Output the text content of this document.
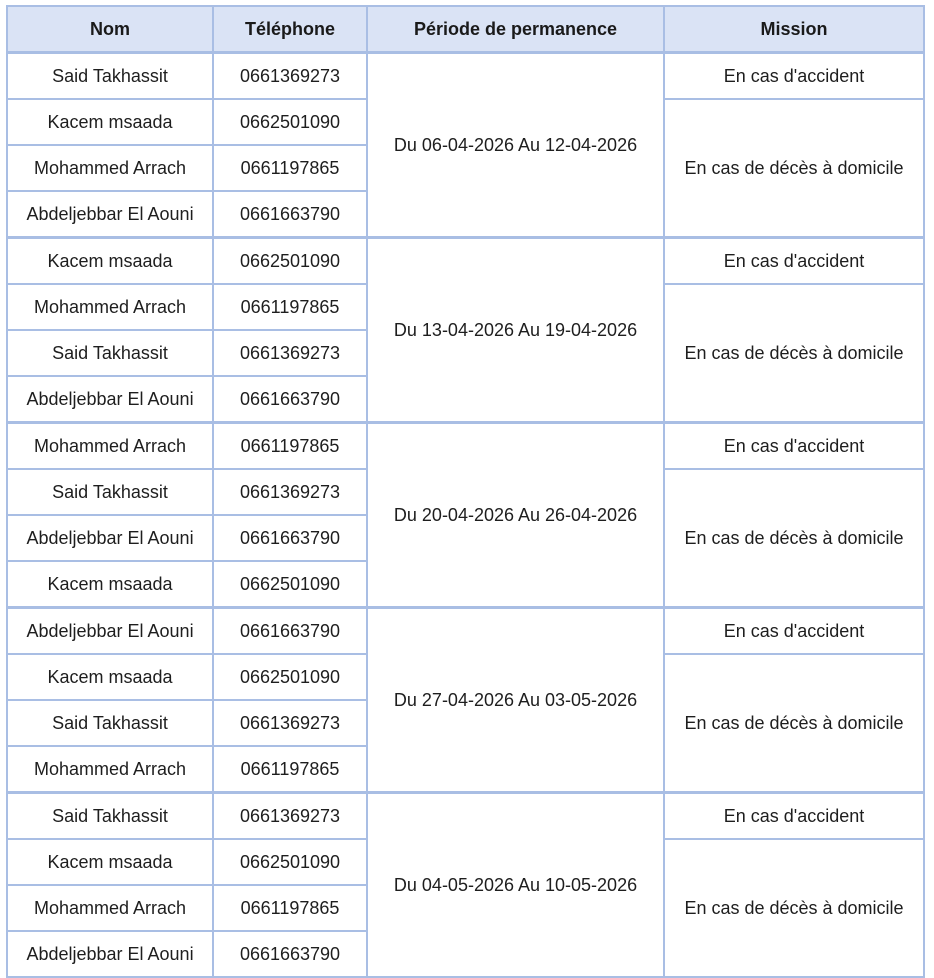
Nom	Téléphone	Période de permanence	Mission
Said Takhassit	0661369273	Du 06-04-2026 Au 12-04-2026	En cas d'accident
Kacem msaada	0662501090		En cas de décès à domicile
Mohammed Arrach	0661197865		
Abdeljebbar El Aouni	0661663790		
Kacem msaada	0662501090	Du 13-04-2026 Au 19-04-2026	En cas d'accident
Mohammed Arrach	0661197865		En cas de décès à domicile
Said Takhassit	0661369273		
Abdeljebbar El Aouni	0661663790		
Mohammed Arrach	0661197865	Du 20-04-2026 Au 26-04-2026	En cas d'accident
Said Takhassit	0661369273		En cas de décès à domicile
Abdeljebbar El Aouni	0661663790		
Kacem msaada	0662501090		
Abdeljebbar El Aouni	0661663790	Du 27-04-2026 Au 03-05-2026	En cas d'accident
Kacem msaada	0662501090		En cas de décès à domicile
Said Takhassit	0661369273		
Mohammed Arrach	0661197865		
Said Takhassit	0661369273	Du 04-05-2026 Au 10-05-2026	En cas d'accident
Kacem msaada	0662501090		En cas de décès à domicile
Mohammed Arrach	0661197865		
Abdeljebbar El Aouni	0661663790		
